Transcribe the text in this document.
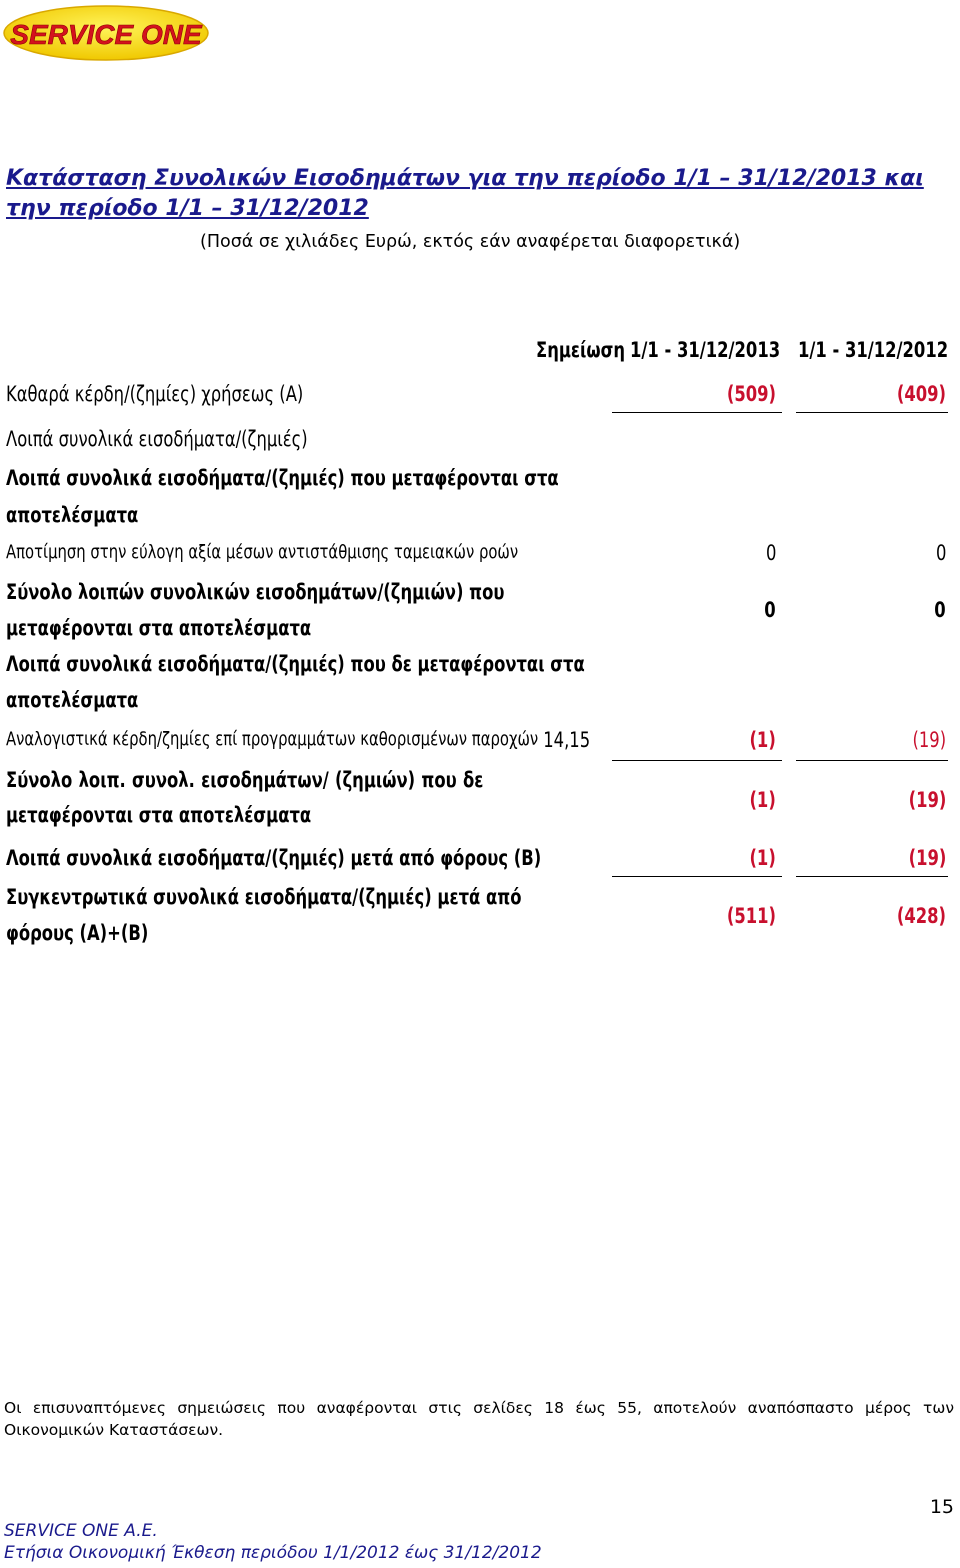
SERVICE ONE
Κατάσταση Συνολικών Εισοδημάτων για την περίοδο 1/1 – 31/12/2013 και την περίοδο 1/1 – 31/12/2012
(Ποσά σε χιλιάδες Ευρώ, εκτός εάν αναφέρεται διαφορετικά)
Σημείωση 1/1 - 31/12/2013 1/1 - 31/12/2012
Καθαρά κέρδη/(ζημίες) χρήσεως (Α)	(509)	(409)
Λοιπά συνολικά εισοδήματα/(ζημιές)
Λοιπά συνολικά εισοδήματα/(ζημιές) που μεταφέρονται στα
αποτελέσματα
Αποτίμηση στην εύλογη αξία μέσων αντιστάθμισης ταμειακών ροών	0	0
Σύνολο λοιπών συνολικών εισοδημάτων/(ζημιών) που
μεταφέρονται στα αποτελέσματα
0	0
Λοιπά συνολικά εισοδήματα/(ζημιές) που δε μεταφέρονται στα
αποτελέσματα
Αναλογιστικά κέρδη/ζημίες επί προγραμμάτων καθορισμένων παροχών 14,15	(1)	(19)
Σύνολο λοιπ. συνολ. εισοδημάτων/ (ζημιών) που δε
μεταφέρονται στα αποτελέσματα
(1)	(19)
Λοιπά συνολικά εισοδήματα/(ζημιές) μετά από φόρους (Β)	(1)	(19)
Συγκεντρωτικά συνολικά εισοδήματα/(ζημιές) μετά από
φόρους (Α)+(Β)
(511)	(428)
Οι επισυναπτόμενες σημειώσεις που αναφέρονται στις σελίδες 18 έως 55, αποτελούν αναπόσπαστο μέρος των Οικονομικών Καταστάσεων.
15
SERVICE ONE A.E.
Ετήσια Οικονομική Έκθεση περιόδου 1/1/2012 έως 31/12/2012
